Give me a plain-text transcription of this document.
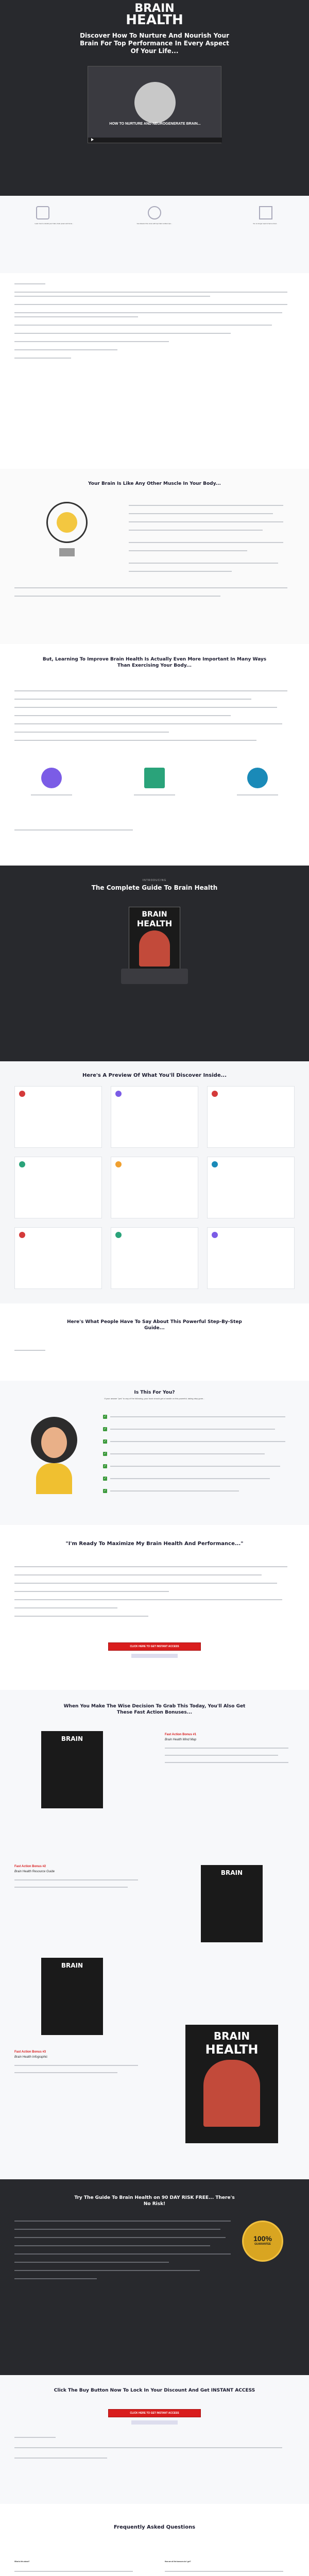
BRAIN
HEALTH
Discover How To Nurture And Nourish Your Brain For Top Performance In Every Aspect Of Your Life...
HOW TO NURTURE AND NEUROGENERATE BRAIN...
Learn how to rebuild your brain, brain power and focus...	Get ahead of the curve with top brain nutrition tips...	You no longer need to feel so tired...
Your Brain Is Like Any Other Muscle In Your Body...
But, Learning To Improve Brain Health Is Actually Even More Important In Many Ways Than Exercising Your Body...
INTRODUCING
The Complete Guide To Brain Health
BRAIN
HEALTH
Here's A Preview Of What You'll Discover Inside...
Here's What People Have To Say About This Powerful Step-By-Step Guide...
Is This For You?
If your answer "yes" to any of the following, your book should get a handle on this powerful, taking step gone...
✓
✓
✓
✓
✓
✓
✓
"I'm Ready To Maximize My Brain Health And Performance..."
CLICK HERE TO GET INSTANT ACCESS
When You Make The Wise Decision To Grab This Today, You'll Also Get These Fast Action Bonuses...
BRAIN
Fast Action Bonus #1
Brain Health Mind Map
Fast Action Bonus #2
Brain Health Resource Guide	BRAIN
BRAIN
Fast Action Bonus #3
Brain Health Infographic
BRAIN
HEALTH
Try The Guide To Brain Health on 90 DAY RISK FREE... There's No Risk!
100%
GUARANTEE
Click The Buy Button Now To Lock In Your Discount And Get INSTANT ACCESS
CLICK HERE TO GET INSTANT ACCESS
Frequently Asked Questions
What is this about?	How are all the bonuses do I get?
